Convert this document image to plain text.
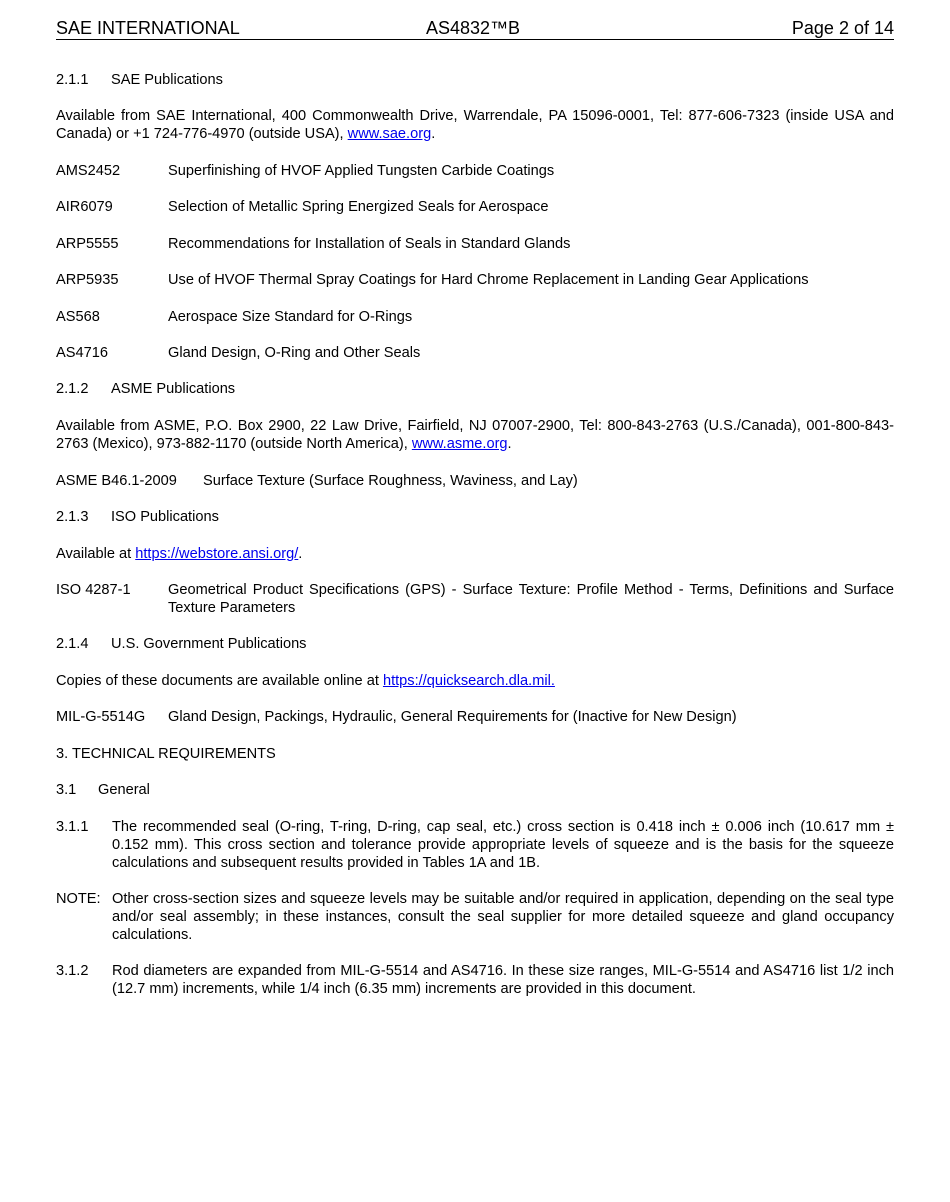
SAE INTERNATIONAL	AS4832™B	Page 2 of 14
2.1.1 SAE Publications
Available from SAE International, 400 Commonwealth Drive, Warrendale, PA 15096-0001, Tel: 877-606-7323 (inside USA and Canada) or +1 724-776-4970 (outside USA), www.sae.org.
AMS2452	Superfinishing of HVOF Applied Tungsten Carbide Coatings
AIR6079	Selection of Metallic Spring Energized Seals for Aerospace
ARP5555	Recommendations for Installation of Seals in Standard Glands
ARP5935	Use of HVOF Thermal Spray Coatings for Hard Chrome Replacement in Landing Gear Applications
AS568	Aerospace Size Standard for O-Rings
AS4716	Gland Design, O-Ring and Other Seals
2.1.2 ASME Publications
Available from ASME, P.O. Box 2900, 22 Law Drive, Fairfield, NJ 07007-2900, Tel: 800-843-2763 (U.S./Canada), 001-800-843-2763 (Mexico), 973-882-1170 (outside North America), www.asme.org.
ASME B46.1-2009 Surface Texture (Surface Roughness, Waviness, and Lay)
2.1.3 ISO Publications
Available at https://webstore.ansi.org/.
ISO 4287-1	Geometrical Product Specifications (GPS) - Surface Texture: Profile Method - Terms, Definitions and Surface Texture Parameters
2.1.4 U.S. Government Publications
Copies of these documents are available online at https://quicksearch.dla.mil.
MIL-G-5514G Gland Design, Packings, Hydraulic, General Requirements for (Inactive for New Design)
3. TECHNICAL REQUIREMENTS
3.1 General
3.1.1 The recommended seal (O-ring, T-ring, D-ring, cap seal, etc.) cross section is 0.418 inch ± 0.006 inch (10.617 mm ± 0.152 mm). This cross section and tolerance provide appropriate levels of squeeze and is the basis for the squeeze calculations and subsequent results provided in Tables 1A and 1B.
NOTE: Other cross-section sizes and squeeze levels may be suitable and/or required in application, depending on the seal type and/or seal assembly; in these instances, consult the seal supplier for more detailed squeeze and gland occupancy calculations.
3.1.2 Rod diameters are expanded from MIL-G-5514 and AS4716. In these size ranges, MIL-G-5514 and AS4716 list 1/2 inch (12.7 mm) increments, while 1/4 inch (6.35 mm) increments are provided in this document.
